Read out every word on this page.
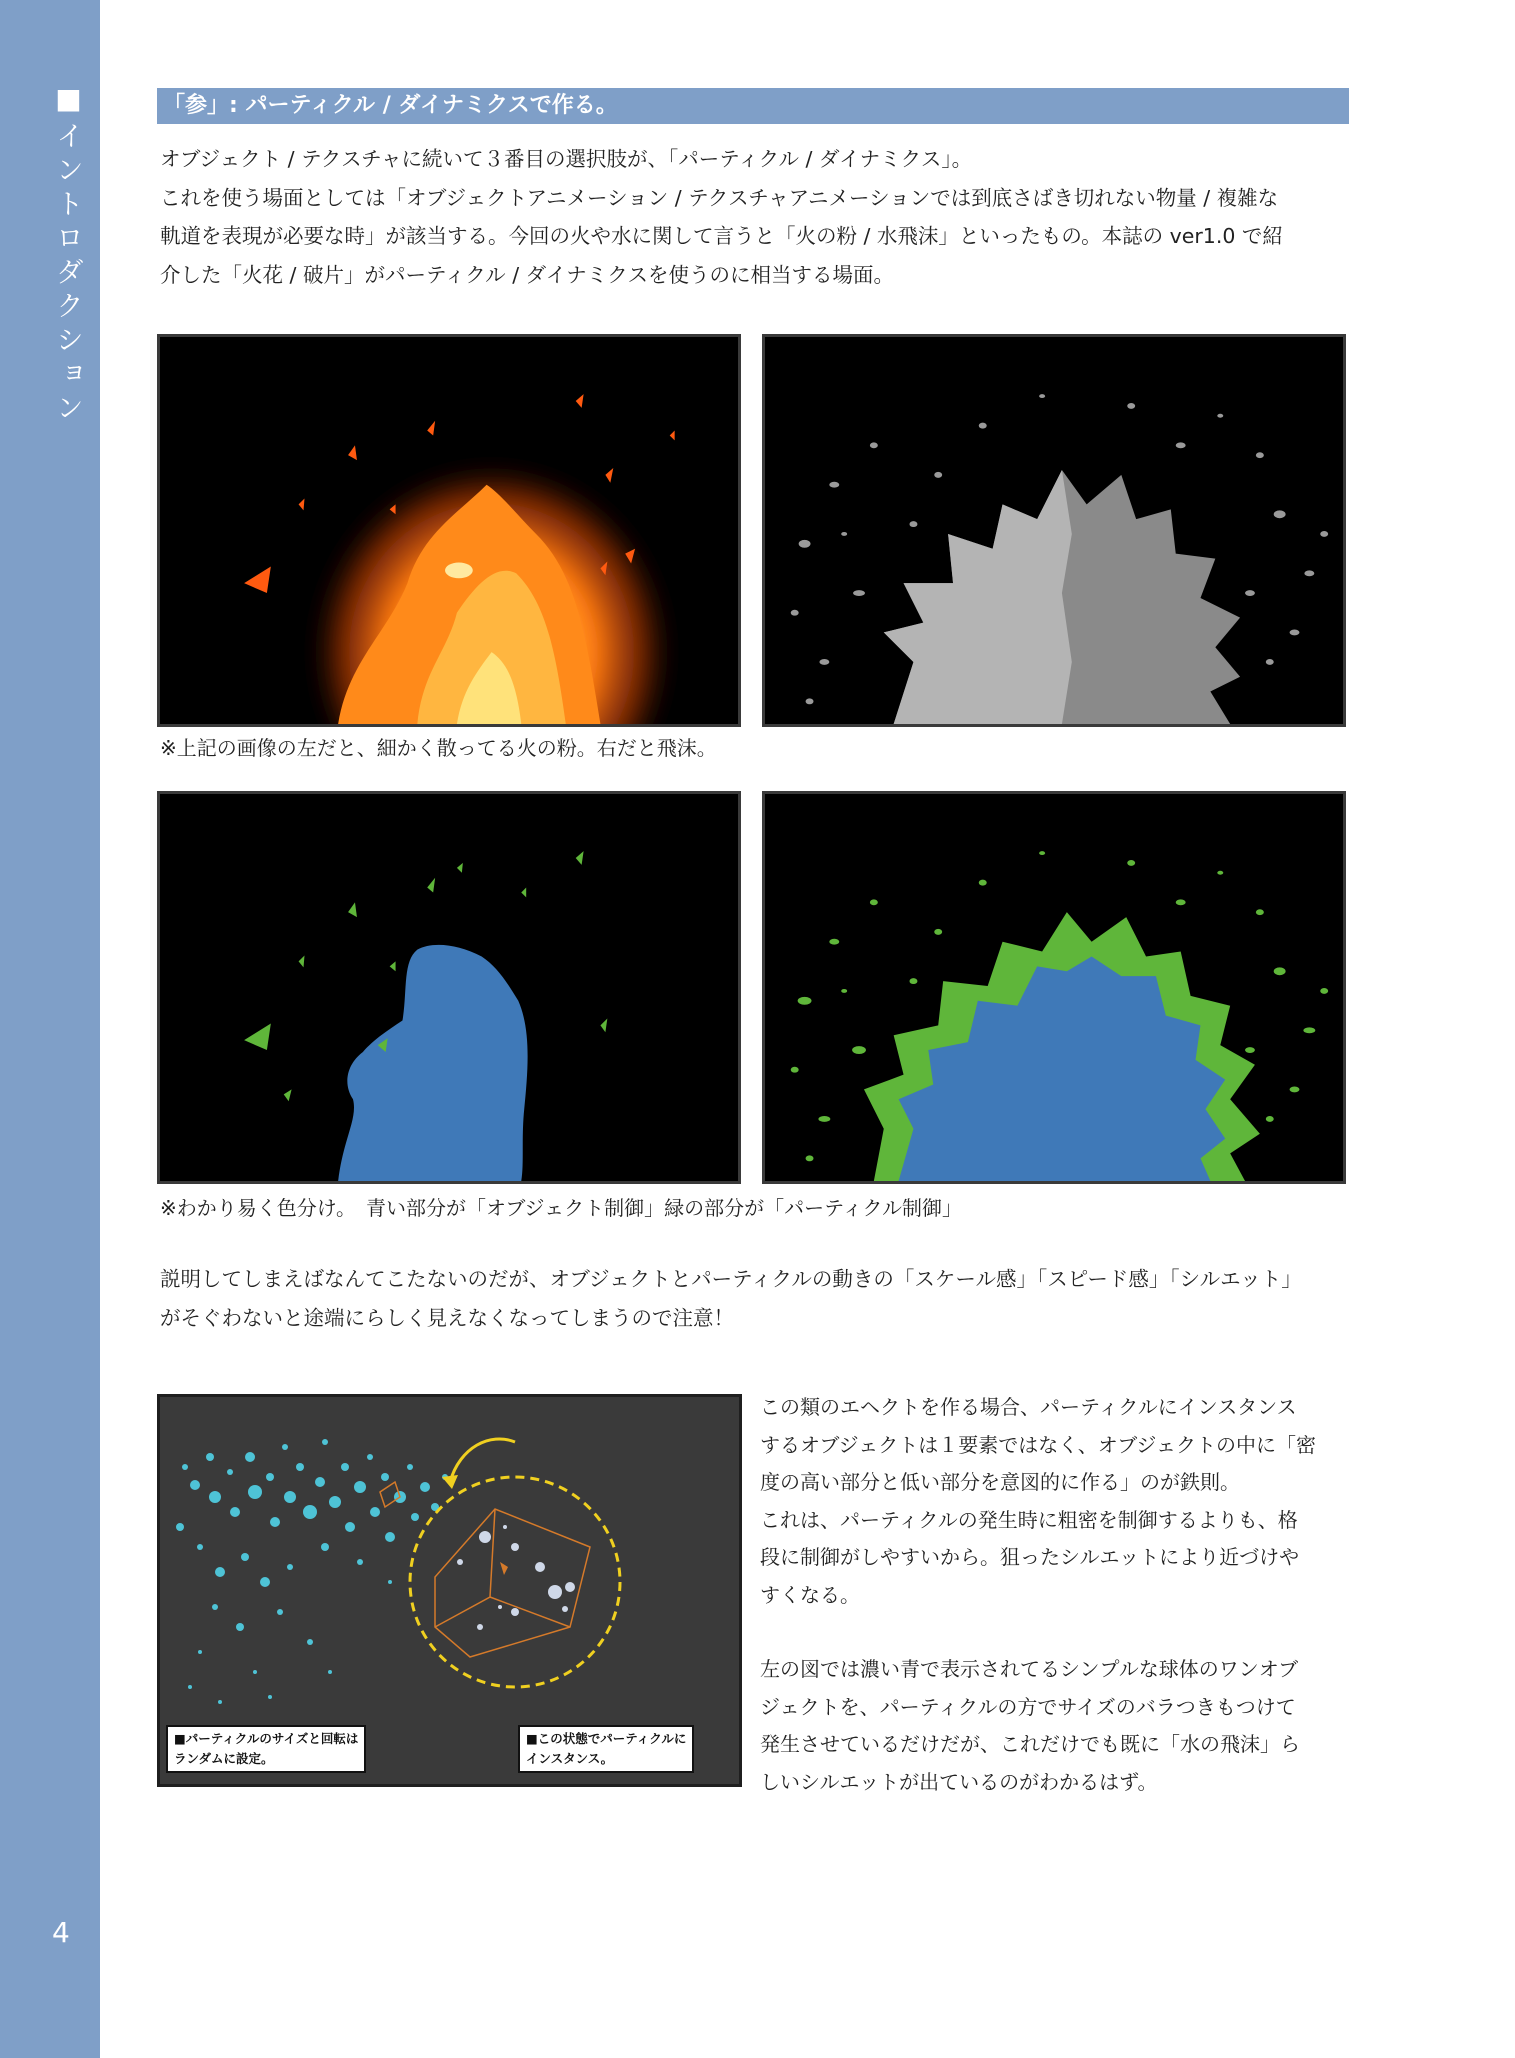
■イントロダクション
4
「参」: パーティクル / ダイナミクスで作る。
オブジェクト / テクスチャに続いて３番目の選択肢が、「パーティクル / ダイナミクス」。
これを使う場面としては「オブジェクトアニメーション / テクスチャアニメーションでは到底さばき切れない物量 / 複雑な
軌道を表現が必要な時」が該当する。今回の火や水に関して言うと「火の粉 / 水飛沫」といったもの。本誌の ver1.0 で紹
介した「火花 / 破片」がパーティクル / ダイナミクスを使うのに相当する場面。
※上記の画像の左だと、細かく散ってる火の粉。右だと飛沫。
※わかり易く色分け。　青い部分が「オブジェクト制御」緑の部分が「パーティクル制御」
説明してしまえばなんてこたないのだが、オブジェクトとパーティクルの動きの「スケール感」「スピード感」「シルエット」
がそぐわないと途端にらしく見えなくなってしまうので注意！
■パーティクルのサイズと回転は
ランダムに設定。
■この状態でパーティクルに
インスタンス。
この類のエヘクトを作る場合、パーティクルにインスタンス
するオブジェクトは１要素ではなく、オブジェクトの中に「密
度の高い部分と低い部分を意図的に作る」のが鉄則。
これは、パーティクルの発生時に粗密を制御するよりも、格
段に制御がしやすいから。狙ったシルエットにより近づけや
すくなる。
左の図では濃い青で表示されてるシンプルな球体のワンオブ
ジェクトを、パーティクルの方でサイズのバラつきもつけて
発生させているだけだが、これだけでも既に「水の飛沫」ら
しいシルエットが出ているのがわかるはず。
